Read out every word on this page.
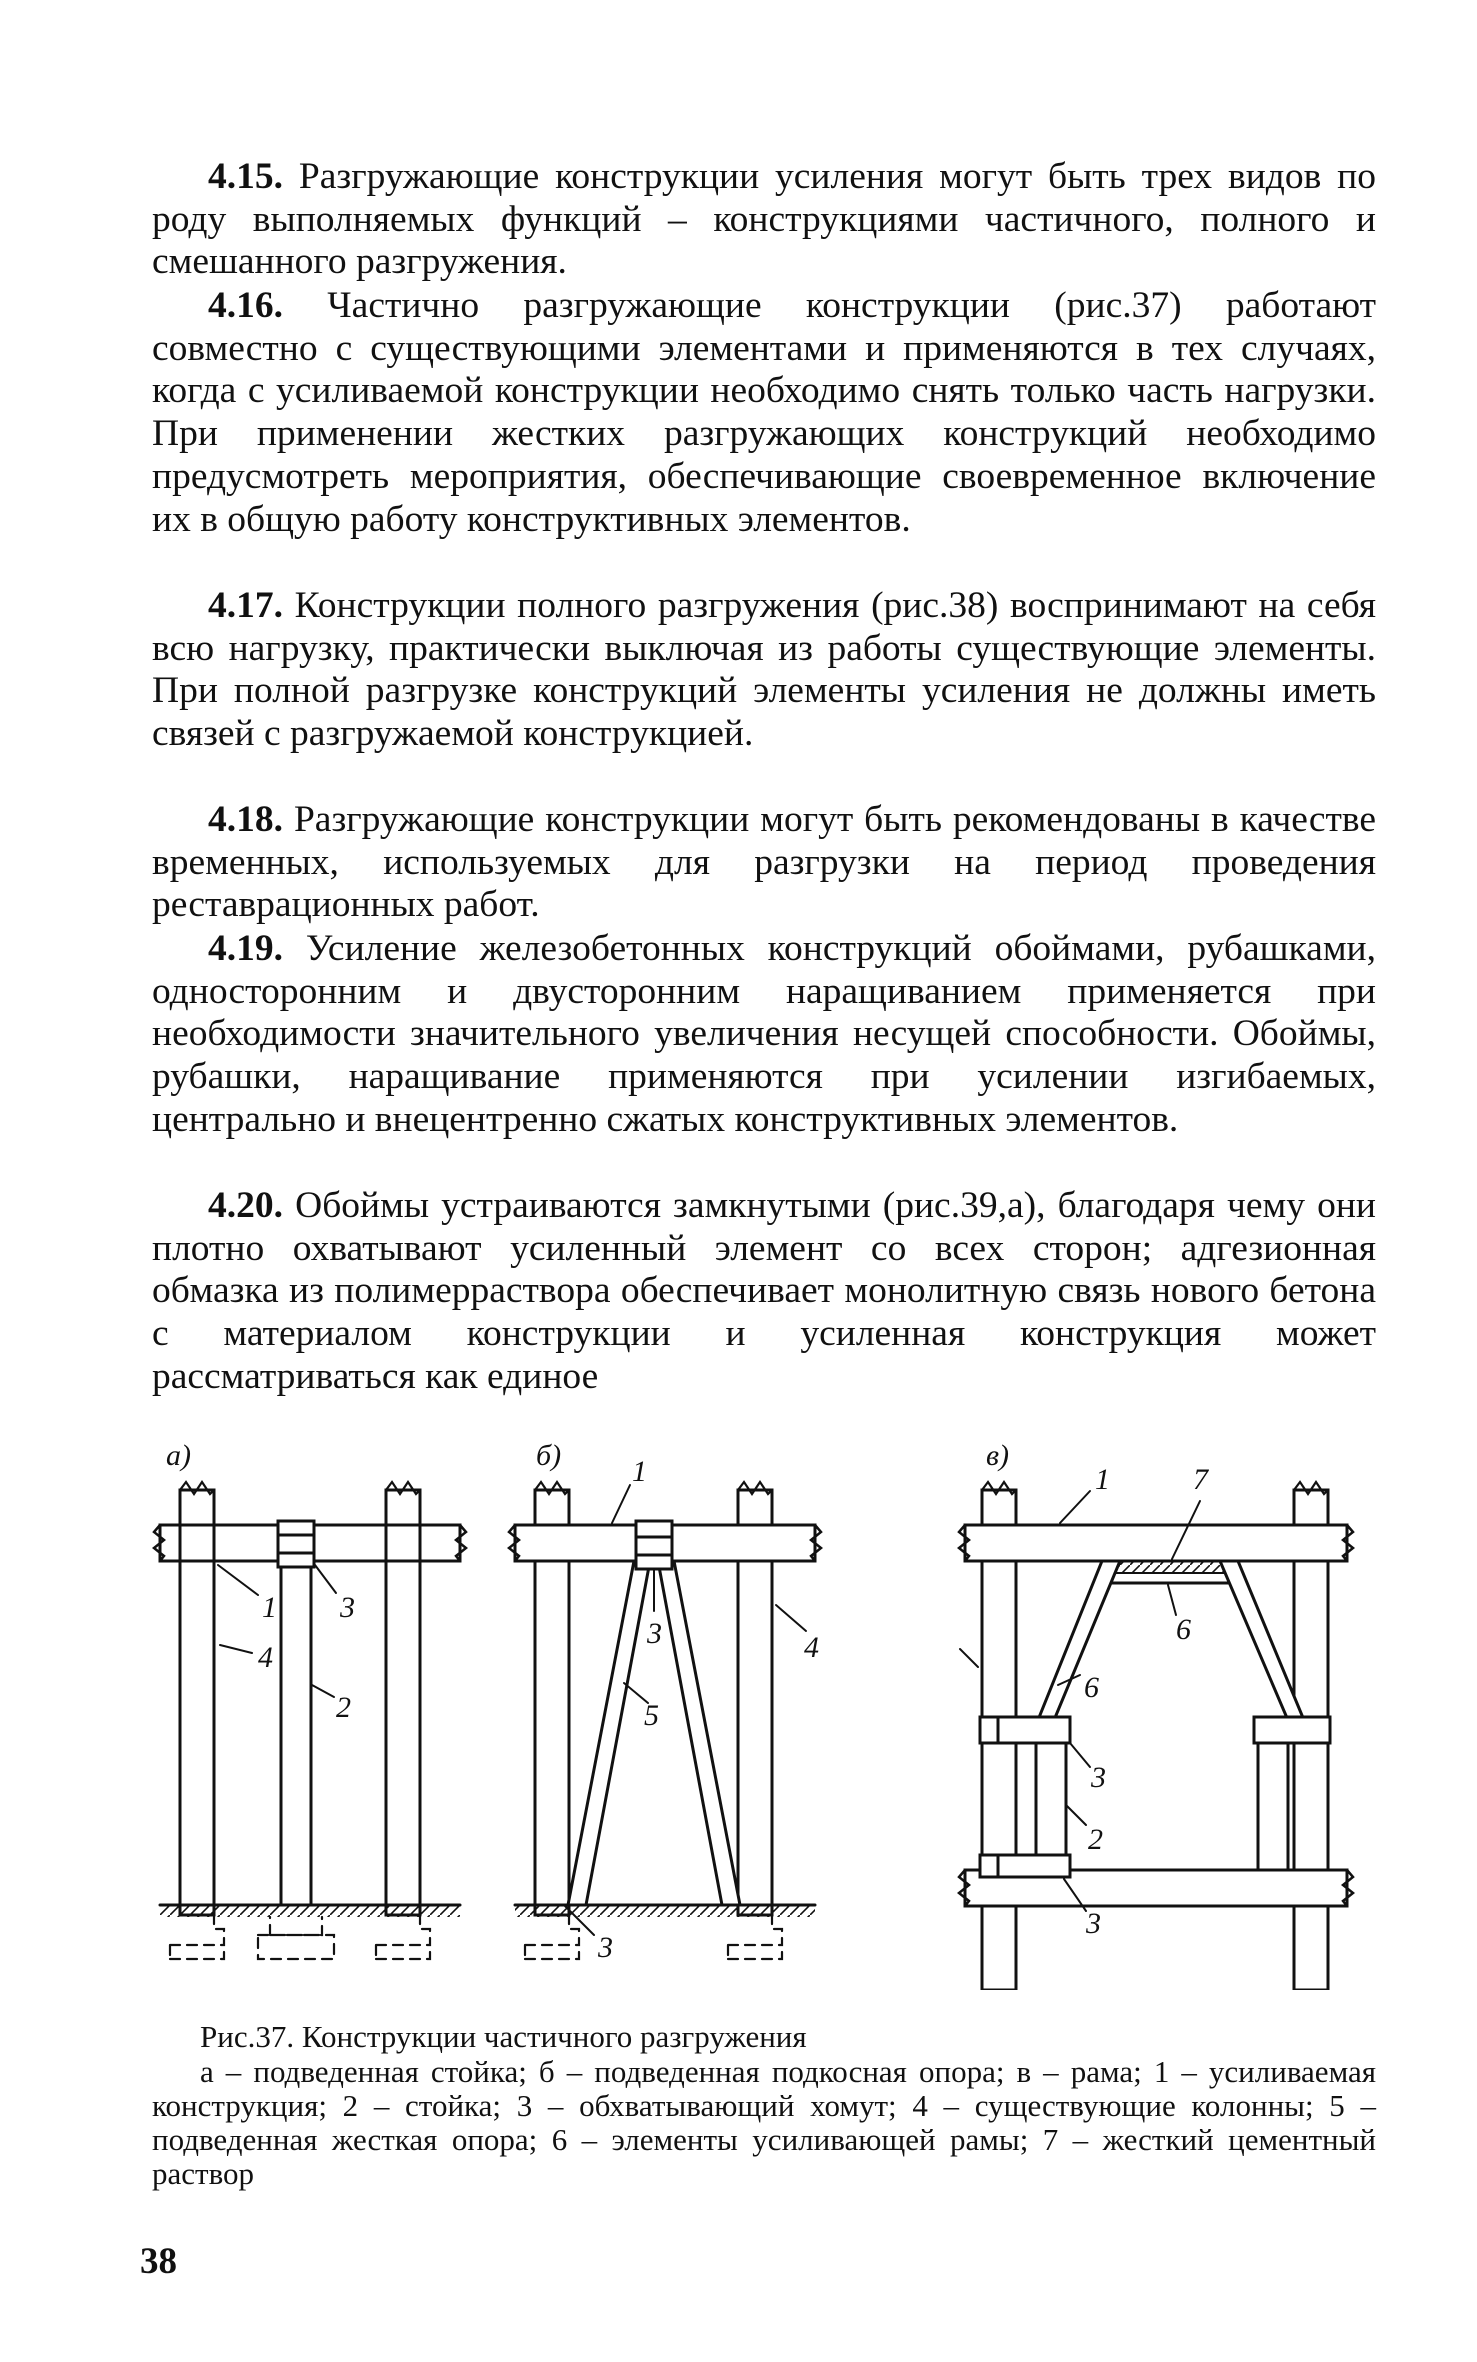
4.15. Разгружающие конструкции усиления могут быть трех видов по роду выполняемых функций – конструкциями частичного, полного и смешанного разгружения.
4.16. Частично разгружающие конструкции (рис.37) работают совместно с существующими элементами и применяются в тех случаях, когда с усиливаемой конструкции необходимо снять только часть нагрузки. При применении жестких разгружающих конструкций необходимо предусмотреть мероприятия, обеспечивающие своевременное включение их в общую работу конструктивных элементов.
4.17. Конструкции полного разгружения (рис.38) воспринимают на себя всю нагрузку, практически выключая из работы существующие элементы. При полной разгрузке конструкций элементы усиления не должны иметь связей с разгружаемой конструкцией.
4.18. Разгружающие конструкции могут быть рекомендованы в качестве временных, используемых для разгрузки на период проведения реставрационных работ.
4.19. Усиление железобетонных конструкций обоймами, рубашками, односторонним и двусторонним наращиванием применяется при необходимости значительного увеличения несущей способности. Обоймы, рубашки, наращивание применяются при усилении изгибаемых, центрально и внецентренно сжатых конструктивных элементов.
4.20. Обоймы устраиваются замкнутыми (рис.39,а), благодаря чему они плотно охватывают усиленный элемент со всех сторон; адгезионная обмазка из полимерраствора обеспечивает монолитную связь нового бетона с материалом конструкции и усиленная конструкция может рассматриваться как единое
а)
1 3
4
2
б) 1
3	4
5
3
в)
1	7
6
6
3
2
3
Рис.37. Конструкции частичного разгружения
а – подведенная стойка; б – подведенная подкосная опора; в – рама; 1 – усиливаемая конструкция; 2 – стойка; 3 – обхватывающий хомут; 4 – существующие колонны; 5 – подведенная жесткая опора; 6 – элементы усиливающей рамы; 7 – жесткий цементный раствор
38
